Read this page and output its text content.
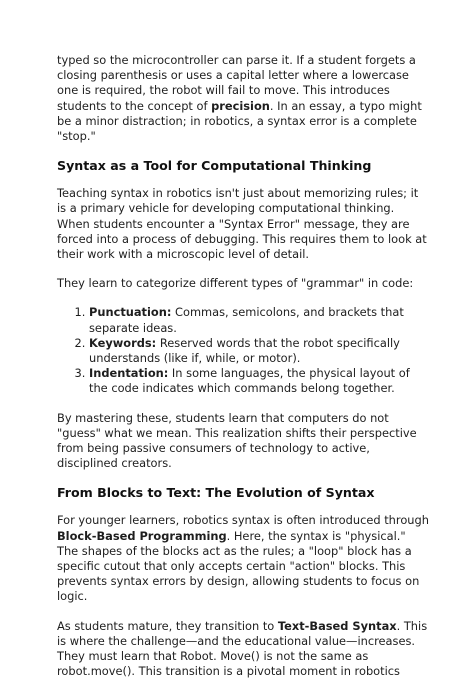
typed so the microcontroller can parse it. If a student forgets a closing parenthesis or uses a capital letter where a lowercase one is required, the robot will fail to move. This introduces students to the concept of precision. In an essay, a typo might be a minor distraction; in robotics, a syntax error is a complete "stop."

Syntax as a Tool for Computational Thinking

Teaching syntax in robotics isn't just about memorizing rules; it is a primary vehicle for developing computational thinking. When students encounter a "Syntax Error" message, they are forced into a process of debugging. This requires them to look at their work with a microscopic level of detail.

They learn to categorize different types of "grammar" in code:

1. Punctuation: Commas, semicolons, and brackets that separate ideas.
2. Keywords: Reserved words that the robot specifically understands (like if, while, or motor).
3. Indentation: In some languages, the physical layout of the code indicates which commands belong together.

By mastering these, students learn that computers do not "guess" what we mean. This realization shifts their perspective from being passive consumers of technology to active, disciplined creators.

From Blocks to Text: The Evolution of Syntax

For younger learners, robotics syntax is often introduced through Block-Based Programming. Here, the syntax is "physical." The shapes of the blocks act as the rules; a "loop" block has a specific cutout that only accepts certain "action" blocks. This prevents syntax errors by design, allowing students to focus on logic.

As students mature, they transition to Text-Based Syntax. This is where the challenge—and the educational value—increases. They must learn that Robot. Move() is not the same as robot.move(). This transition is a pivotal moment in robotics
